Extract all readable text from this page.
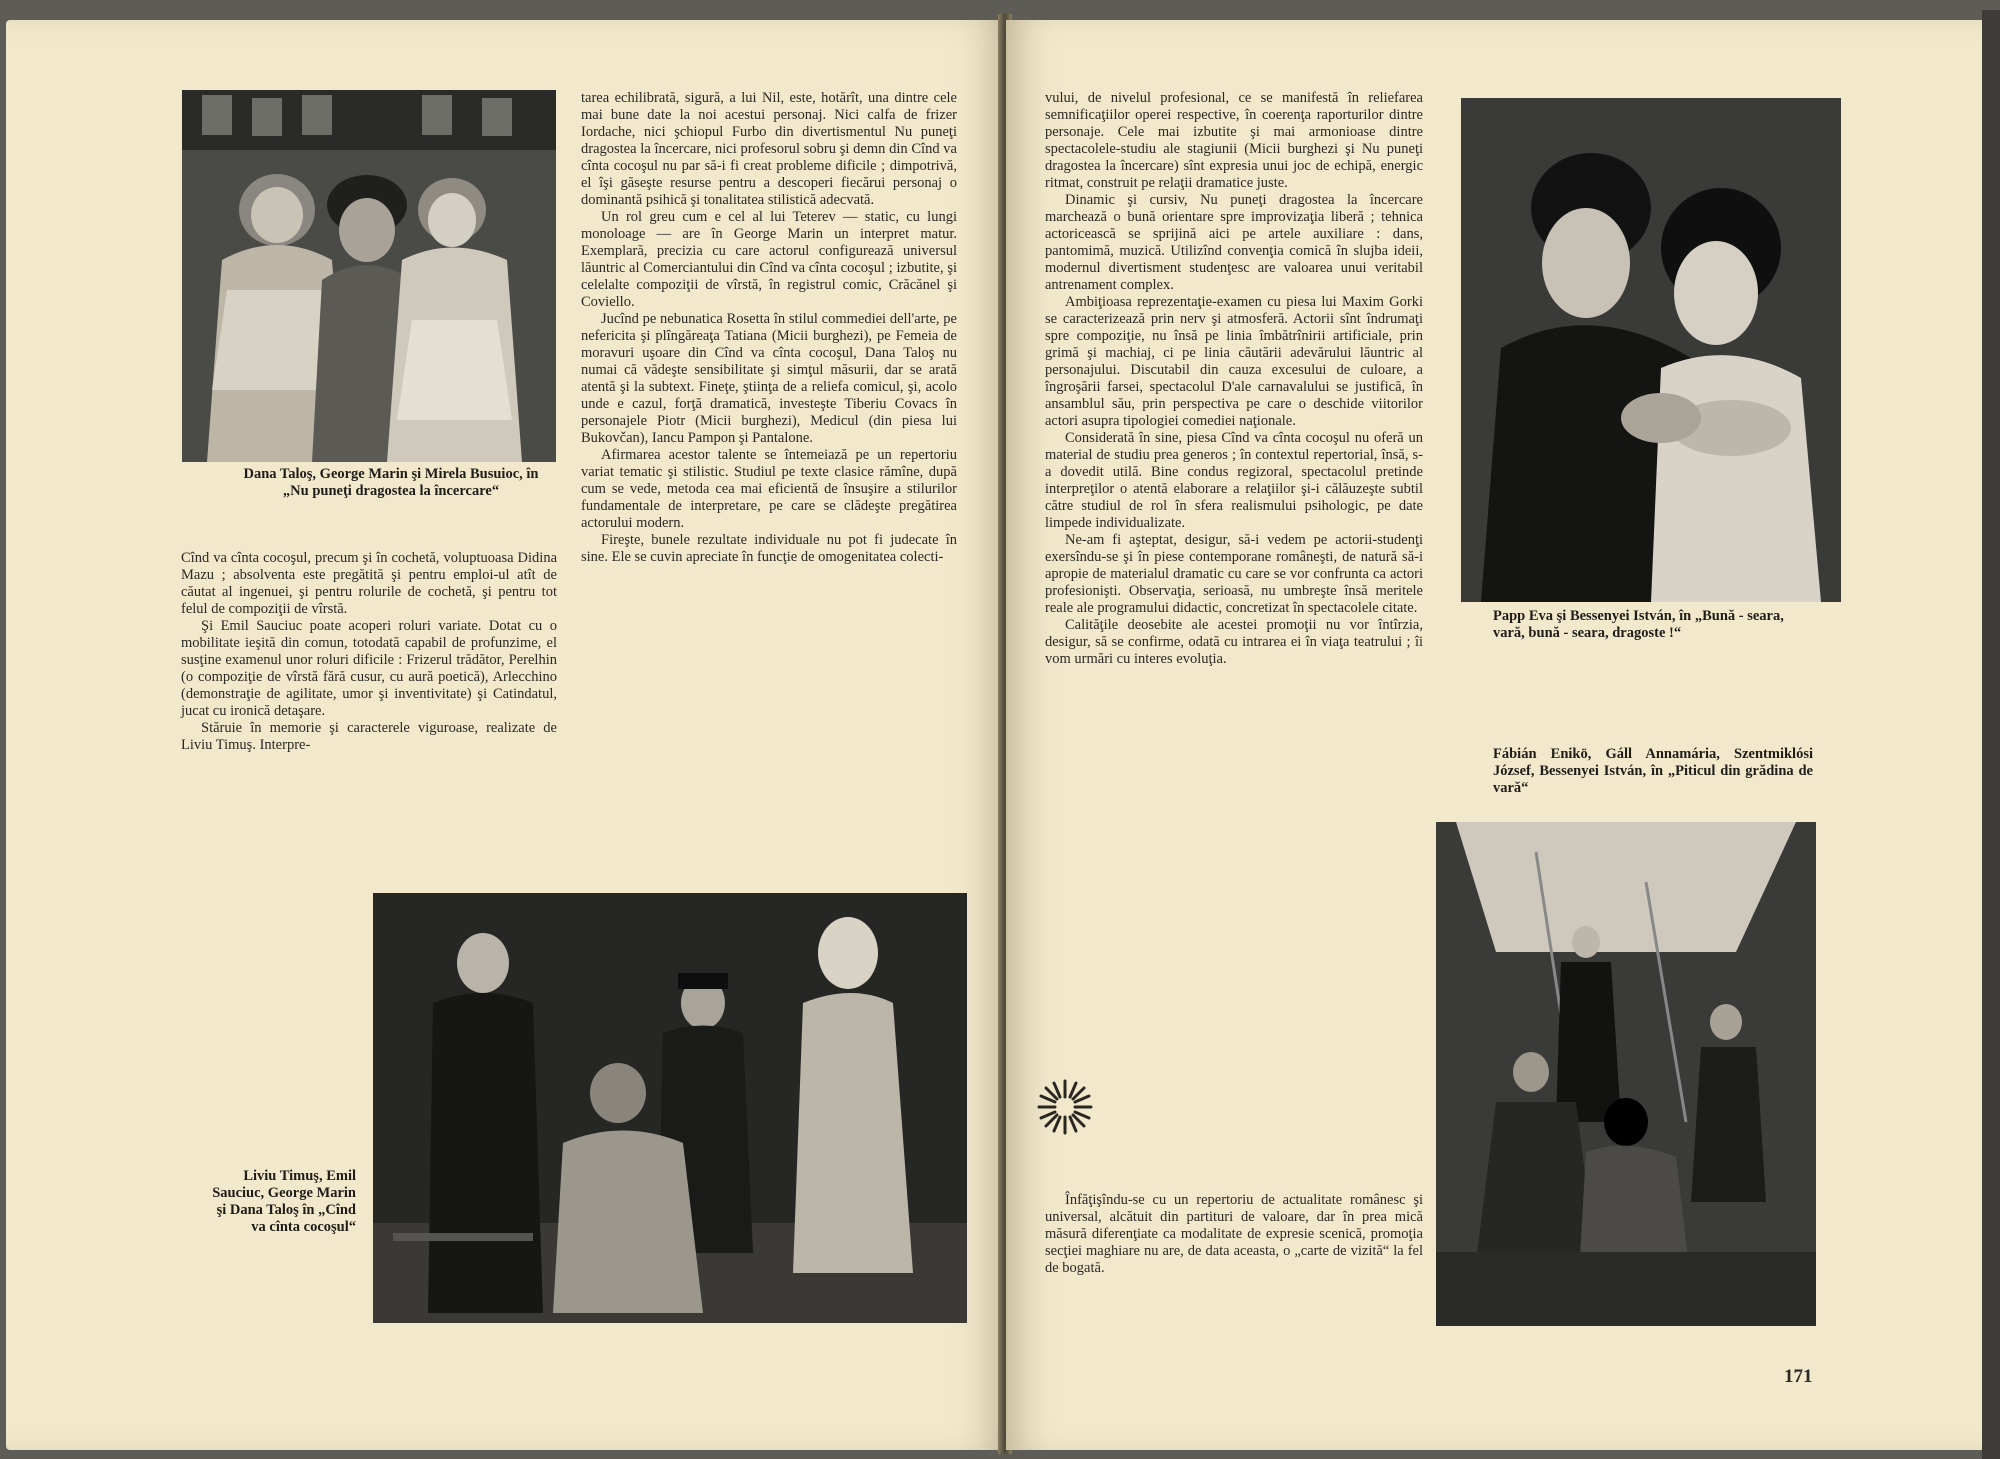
Dana Taloş, George Marin şi Mirela Busuioc, în „Nu puneţi dragostea la încercare“

Cînd va cînta cocoşul, precum şi în cochetă, voluptuoasa Didina Mazu ; absolventa este pregătită şi pentru emploi-ul atît de căutat al ingenuei, şi pentru rolurile de cochetă, şi pentru tot felul de compoziţii de vîrstă.

Şi Emil Sauciuc poate acoperi roluri variate. Dotat cu o mobilitate ieşită din comun, totodată capabil de profunzime, el susţine examenul unor roluri dificile : Frizerul trădător, Perelhin (o compoziţie de vîrstă fără cusur, cu aură poetică), Arlecchino (demonstraţie de agilitate, umor şi inventivitate) şi Catindatul, jucat cu ironică detaşare.

Stăruie în memorie şi caracterele viguroase, realizate de Liviu Timuş. Interpre-

tarea echilibrată, sigură, a lui Nil, este, hotărît, una dintre cele mai bune date la noi acestui personaj. Nici calfa de frizer Iordache, nici şchiopul Furbo din divertismentul Nu puneţi dragostea la încercare, nici profesorul sobru şi demn din Cînd va cînta cocoşul nu par să-i fi creat probleme dificile ; dimpotrivă, el îşi găseşte resurse pentru a descoperi fiecărui personaj o dominantă psihică şi tonalitatea stilistică adecvată.

Un rol greu cum e cel al lui Teterev — static, cu lungi monoloage — are în George Marin un interpret matur. Exemplară, precizia cu care actorul configurează universul lăuntric al Comerciantului din Cînd va cînta cocoşul ; izbutite, şi celelalte compoziţii de vîrstă, în registrul comic, Crăcănel şi Coviello.

Jucînd pe nebunatica Rosetta în stilul commediei dell'arte, pe nefericita şi plîngăreaţa Tatiana (Micii burghezi), pe Femeia de moravuri uşoare din Cînd va cînta cocoşul, Dana Taloş nu numai că vădeşte sensibilitate şi simţul măsurii, dar se arată atentă şi la subtext. Fineţe, ştiinţa de a reliefa comicul, şi, acolo unde e cazul, forţă dramatică, investeşte Tiberiu Covacs în personajele Piotr (Micii burghezi), Medicul (din piesa lui Bukovčan), Iancu Pampon şi Pantalone.

Afirmarea acestor talente se întemeiază pe un repertoriu variat tematic şi stilistic. Studiul pe texte clasice rămîne, după cum se vede, metoda cea mai eficientă de însuşire a stilurilor fundamentale de interpretare, pe care se clădeşte pregătirea actorului modern.

Fireşte, bunele rezultate individuale nu pot fi judecate în sine. Ele se cuvin apreciate în funcţie de omogenitatea colecti-

Liviu Timuş, Emil Sauciuc, George Marin şi Dana Taloş în „Cînd va cînta cocoşul“

vului, de nivelul profesional, ce se manifestă în reliefarea semnificaţiilor operei respective, în coerenţa raporturilor dintre personaje. Cele mai izbutite şi mai armonioase dintre spectacolele-studiu ale stagiunii (Micii burghezi şi Nu puneţi dragostea la încercare) sînt expresia unui joc de echipă, energic ritmat, construit pe relaţii dramatice juste.

Dinamic şi cursiv, Nu puneţi dragostea la încercare marchează o bună orientare spre improvizaţia liberă ; tehnica actoricească se sprijină aici pe artele auxiliare : dans, pantomimă, muzică. Utilizînd convenţia comică în slujba ideii, modernul divertisment studenţesc are valoarea unui veritabil antrenament complex.

Ambiţioasa reprezentaţie-examen cu piesa lui Maxim Gorki se caracterizează prin nerv şi atmosferă. Actorii sînt îndrumaţi spre compoziţie, nu însă pe linia îmbătrînirii artificiale, prin grimă şi machiaj, ci pe linia căutării adevărului lăuntric al personajului. Discutabil din cauza excesului de culoare, a îngroşării farsei, spectacolul D'ale carnavalului se justifică, în ansamblul său, prin perspectiva pe care o deschide viitorilor actori asupra tipologiei comediei naţionale.

Considerată în sine, piesa Cînd va cînta cocoşul nu oferă un material de studiu prea generos ; în contextul repertorial, însă, s-a dovedit utilă. Bine condus regizoral, spectacolul pretinde interpreţilor o atentă elaborare a relaţiilor şi-i călăuzeşte subtil către studiul de rol în sfera realismului psihologic, pe date limpede individualizate.

Ne-am fi aşteptat, desigur, să-i vedem pe actorii-studenţi exersîndu-se şi în piese contemporane româneşti, de natură să-i apropie de materialul dramatic cu care se vor confrunta ca actori profesionişti. Observaţia, serioasă, nu umbreşte însă meritele reale ale programului didactic, concretizat în spectacolele citate.

Calităţile deosebite ale acestei promoţii nu vor întîrzia, desigur, să se confirme, odată cu intrarea ei în viaţa teatrului ; îi vom urmări cu interes evoluţia.

Înfăţişîndu-se cu un repertoriu de actualitate românesc şi universal, alcătuit din partituri de valoare, dar în prea mică măsură diferenţiate ca modalitate de expresie scenică, promoţia secţiei maghiare nu are, de data aceasta, o „carte de vizită“ la fel de bogată.

Papp Eva şi Bessenyei István, în „Bună - seara, vară, bună - seara, dragoste !“
Fábián Enikö, Gáll Annamária, Szentmiklósi József, Bessenyei István, în „Piticul din grădina de vară“
171
